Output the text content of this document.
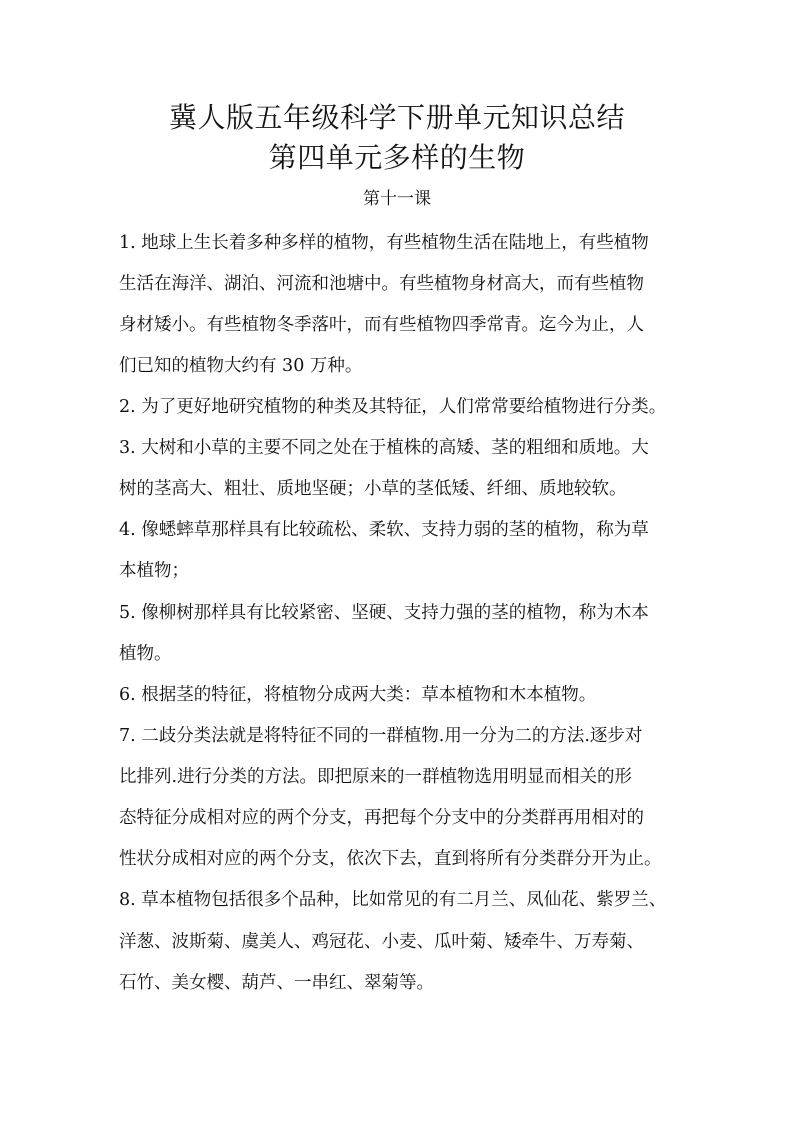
冀人版五年级科学下册单元知识总结
第四单元多样的生物
第十一课
1. 地球上生长着多种多样的植物，有些植物生活在陆地上，有些植物
生活在海洋、湖泊、河流和池塘中。有些植物身材高大，而有些植物
身材矮小。有些植物冬季落叶，而有些植物四季常青。迄今为止，人
们已知的植物大约有 30 万种。
2. 为了更好地研究植物的种类及其特征，人们常常要给植物进行分类。
3. 大树和小草的主要不同之处在于植株的高矮、茎的粗细和质地。大
树的茎高大、粗壮、质地坚硬；小草的茎低矮、纤细、质地较软。
4. 像蟋蟀草那样具有比较疏松、柔软、支持力弱的茎的植物，称为草
本植物；
5. 像柳树那样具有比较紧密、坚硬、支持力强的茎的植物，称为木本
植物。
6. 根据茎的特征，将植物分成两大类：草本植物和木本植物。
7. 二歧分类法就是将特征不同的一群植物.用一分为二的方法.逐步对
比排列.进行分类的方法。即把原来的一群植物选用明显而相关的形
态特征分成相对应的两个分支，再把每个分支中的分类群再用相对的
性状分成相对应的两个分支，依次下去，直到将所有分类群分开为止。
8. 草本植物包括很多个品种，比如常见的有二月兰、凤仙花、紫罗兰、
洋葱、波斯菊、虞美人、鸡冠花、小麦、瓜叶菊、矮牵牛、万寿菊、
石竹、美女樱、葫芦、一串红、翠菊等。
